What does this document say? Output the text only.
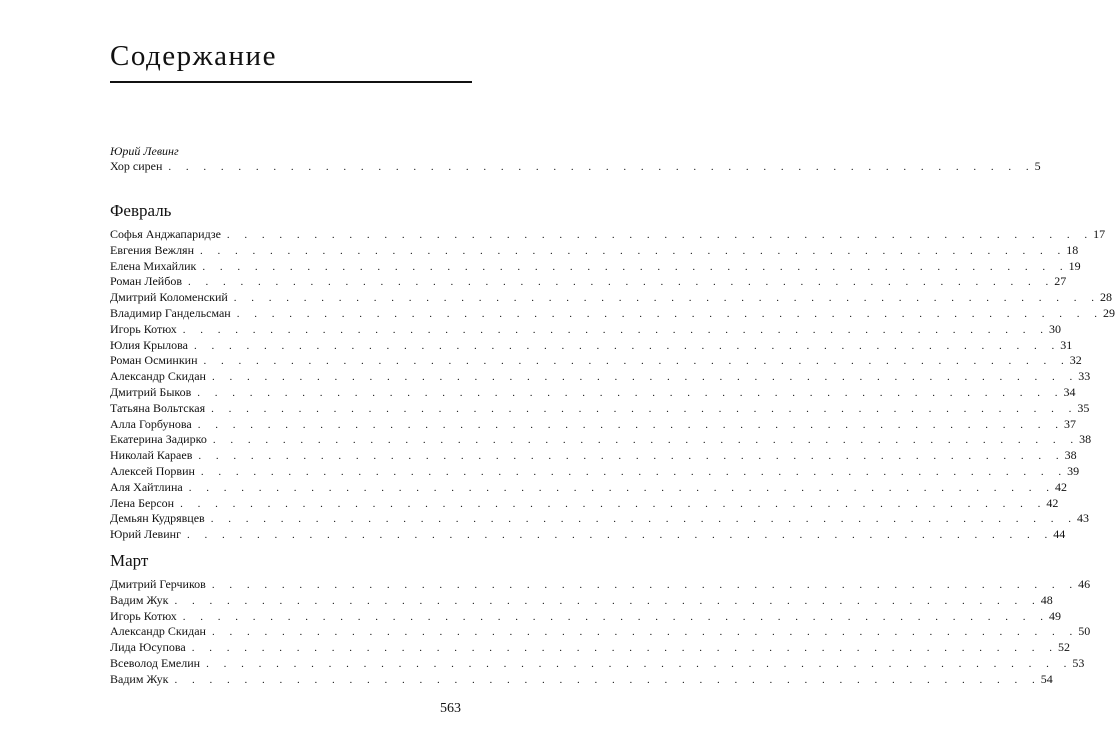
Содержание
Юрий Левинг
Хор сирен . . . . . . . . . . . . . . . . . . . . . . . . . . . . . . . . . . . . . . . . . . . . . . . . . . 5
Февраль
Софья Анджапаридзе . . . . . . . . . . . . . . . . . . . . . . . . . . . . . . . . . . . . . . . . . . . . . . . . . . 17
Евгения Вежлян . . . . . . . . . . . . . . . . . . . . . . . . . . . . . . . . . . . . . . . . . . . . . . . . . . 18
Елена Михайлик . . . . . . . . . . . . . . . . . . . . . . . . . . . . . . . . . . . . . . . . . . . . . . . . . . 19
Роман Лейбов . . . . . . . . . . . . . . . . . . . . . . . . . . . . . . . . . . . . . . . . . . . . . . . . . . 27
Дмитрий Коломенский . . . . . . . . . . . . . . . . . . . . . . . . . . . . . . . . . . . . . . . . . . . . . . . . . . 28
Владимир Гандельсман . . . . . . . . . . . . . . . . . . . . . . . . . . . . . . . . . . . . . . . . . . . . . . . . . . 29
Игорь Котюх . . . . . . . . . . . . . . . . . . . . . . . . . . . . . . . . . . . . . . . . . . . . . . . . . . 30
Юлия Крылова . . . . . . . . . . . . . . . . . . . . . . . . . . . . . . . . . . . . . . . . . . . . . . . . . . 31
Роман Осминкин . . . . . . . . . . . . . . . . . . . . . . . . . . . . . . . . . . . . . . . . . . . . . . . . . . 32
Александр Скидан . . . . . . . . . . . . . . . . . . . . . . . . . . . . . . . . . . . . . . . . . . . . . . . . . . 33
Дмитрий Быков . . . . . . . . . . . . . . . . . . . . . . . . . . . . . . . . . . . . . . . . . . . . . . . . . . 34
Татьяна Вольтская . . . . . . . . . . . . . . . . . . . . . . . . . . . . . . . . . . . . . . . . . . . . . . . . . . 35
Алла Горбунова . . . . . . . . . . . . . . . . . . . . . . . . . . . . . . . . . . . . . . . . . . . . . . . . . . 37
Екатерина Задирко . . . . . . . . . . . . . . . . . . . . . . . . . . . . . . . . . . . . . . . . . . . . . . . . . . 38
Николай Караев . . . . . . . . . . . . . . . . . . . . . . . . . . . . . . . . . . . . . . . . . . . . . . . . . . 38
Алексей Порвин . . . . . . . . . . . . . . . . . . . . . . . . . . . . . . . . . . . . . . . . . . . . . . . . . . 39
Аля Хайтлина . . . . . . . . . . . . . . . . . . . . . . . . . . . . . . . . . . . . . . . . . . . . . . . . . . 42
Лена Берсон . . . . . . . . . . . . . . . . . . . . . . . . . . . . . . . . . . . . . . . . . . . . . . . . . . 42
Демьян Кудрявцев . . . . . . . . . . . . . . . . . . . . . . . . . . . . . . . . . . . . . . . . . . . . . . . . . . 43
Юрий Левинг . . . . . . . . . . . . . . . . . . . . . . . . . . . . . . . . . . . . . . . . . . . . . . . . . . 44
Март
Дмитрий Герчиков . . . . . . . . . . . . . . . . . . . . . . . . . . . . . . . . . . . . . . . . . . . . . . . . . . 46
Вадим Жук . . . . . . . . . . . . . . . . . . . . . . . . . . . . . . . . . . . . . . . . . . . . . . . . . . 48
Игорь Котюх . . . . . . . . . . . . . . . . . . . . . . . . . . . . . . . . . . . . . . . . . . . . . . . . . . 49
Александр Скидан . . . . . . . . . . . . . . . . . . . . . . . . . . . . . . . . . . . . . . . . . . . . . . . . . . 50
Лида Юсупова . . . . . . . . . . . . . . . . . . . . . . . . . . . . . . . . . . . . . . . . . . . . . . . . . . 52
Всеволод Емелин . . . . . . . . . . . . . . . . . . . . . . . . . . . . . . . . . . . . . . . . . . . . . . . . . . 53
Вадим Жук . . . . . . . . . . . . . . . . . . . . . . . . . . . . . . . . . . . . . . . . . . . . . . . . . . 54
563
